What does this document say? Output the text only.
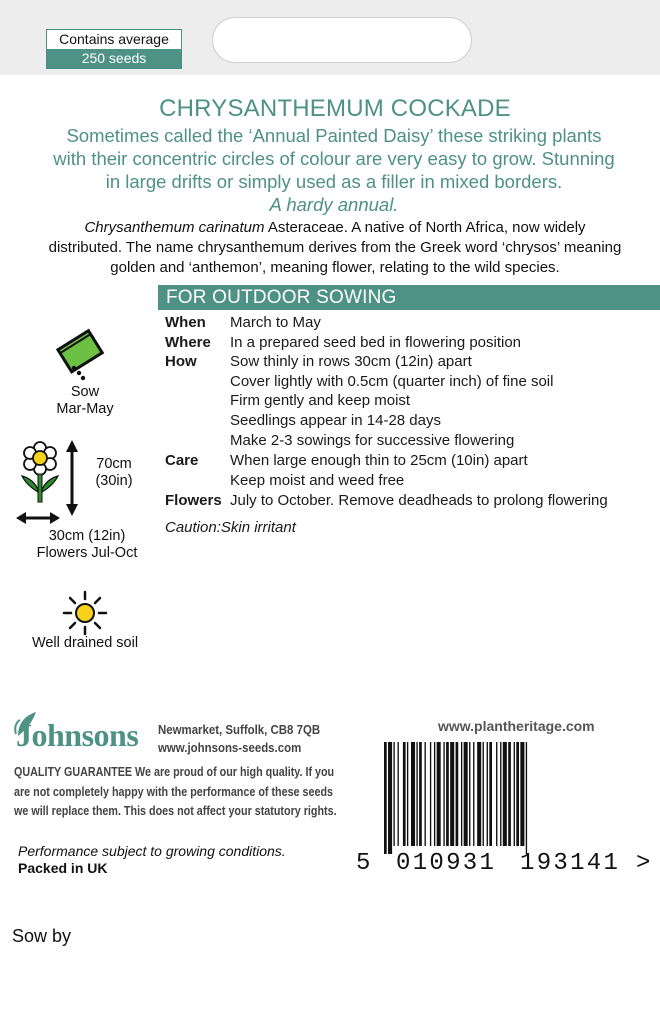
Contains average
250 seeds
CHRYSANTHEMUM COCKADE
Sometimes called the ‘Annual Painted Daisy’ these striking plants
with their concentric circles of colour are very easy to grow. Stunning
in large drifts or simply used as a filler in mixed borders.
A hardy annual.
Chrysanthemum carinatum Asteraceae. A native of North Africa, now widely
distributed. The name chrysanthemum derives from the Greek word ‘chrysos’ meaning
golden and ‘anthemon’, meaning flower, relating to the wild species.
FOR OUTDOOR SOWING
When March to May
Where In a prepared seed bed in flowering position
How Sow thinly in rows 30cm (12in) apart
Cover lightly with 0.5cm (quarter inch) of fine soil
Firm gently and keep moist
Seedlings appear in 14-28 days
Make 2-3 sowings for successive flowering
Care When large enough thin to 25cm (10in) apart
Keep moist and weed free
Flowers July to October. Remove deadheads to prolong flowering
Caution:Skin irritant
Sow
Mar-May
70cm
(30in)
30cm (12in)
Flowers Jul-Oct
Well drained soil
Johnsons Newmarket, Suffolk, CB8 7QB
www.johnsons-seeds.com
QUALITY GUARANTEE We are proud of our high quality. If you
are not completely happy with the performance of these seeds
we will replace them. This does not affect your statutory rights.
www.plantheritage.com
5 010931 193141 >
Performance subject to growing conditions.
Packed in UK
Sow by
